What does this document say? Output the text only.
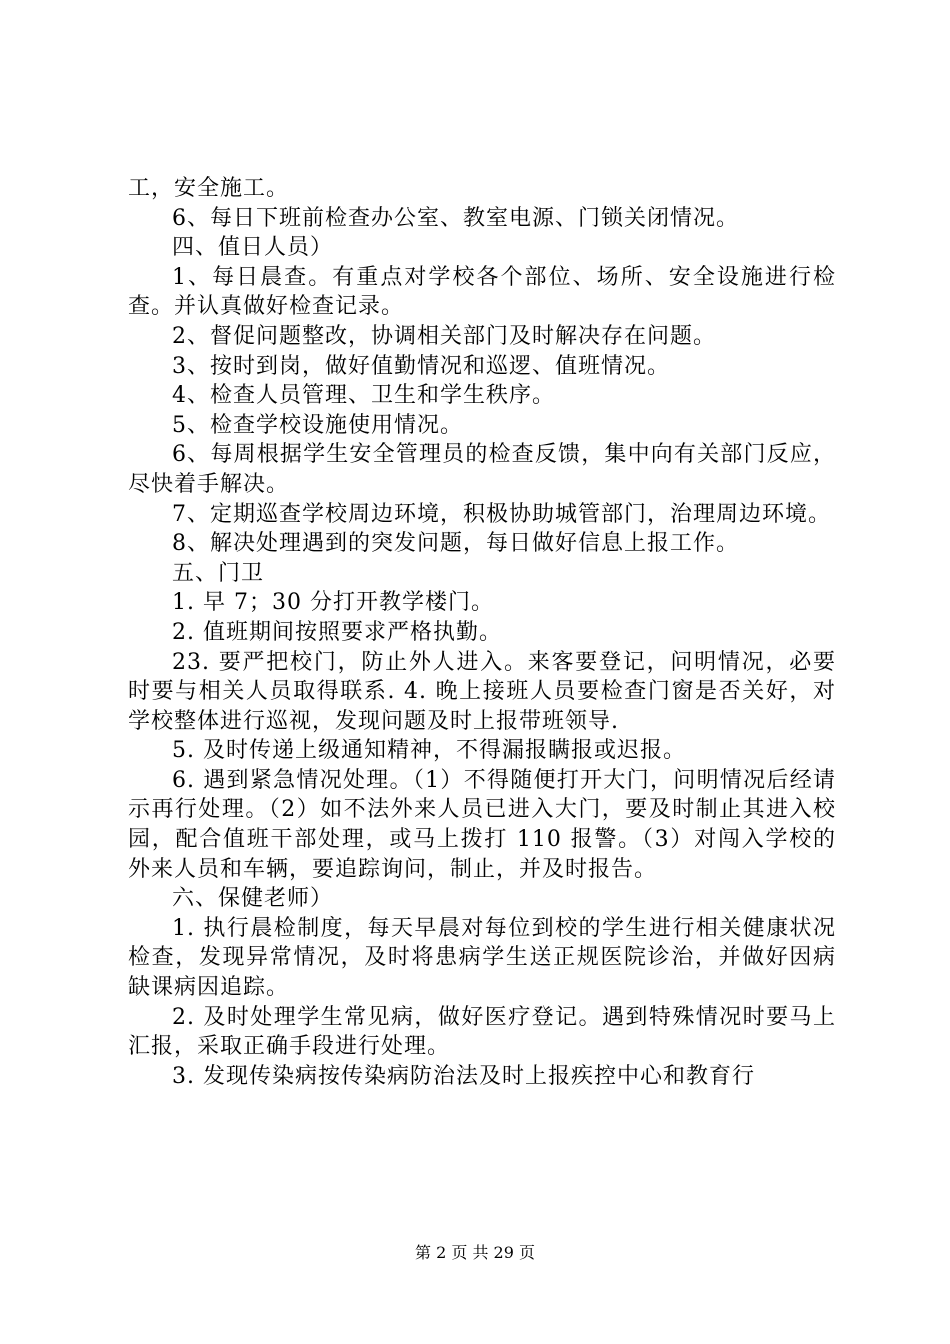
工，安全施工。

6、每日下班前检查办公室、教室电源、门锁关闭情况。

四、值日人员）

1、每日晨查。有重点对学校各个部位、场所、安全设施进行检查。并认真做好检查记录。

2、督促问题整改，协调相关部门及时解决存在问题。

3、按时到岗，做好值勤情况和巡逻、值班情况。

4、检查人员管理、卫生和学生秩序。

5、检查学校设施使用情况。

6、每周根据学生安全管理员的检查反馈，集中向有关部门反应，尽快着手解决。

7、定期巡查学校周边环境，积极协助城管部门，治理周边环境。

8、解决处理遇到的突发问题，每日做好信息上报工作。

五、门卫

1. 早 7；30 分打开教学楼门。

2. 值班期间按照要求严格执勤。

23. 要严把校门，防止外人进入。来客要登记，问明情况，必要时要与相关人员取得联系. 4. 晚上接班人员要检查门窗是否关好，对学校整体进行巡视，发现问题及时上报带班领导.

5. 及时传递上级通知精神，不得漏报瞒报或迟报。

6. 遇到紧急情况处理。（1）不得随便打开大门，问明情况后经请示再行处理。（2）如不法外来人员已进入大门，要及时制止其进入校园，配合值班干部处理，或马上拨打 110 报警。（3）对闯入学校的外来人员和车辆，要追踪询问，制止，并及时报告。

六、保健老师）

1. 执行晨检制度，每天早晨对每位到校的学生进行相关健康状况检查，发现异常情况，及时将患病学生送正规医院诊治，并做好因病缺课病因追踪。

2. 及时处理学生常见病，做好医疗登记。遇到特殊情况时要马上汇报，采取正确手段进行处理。

3. 发现传染病按传染病防治法及时上报疾控中心和教育行

第 2 页 共 29 页
